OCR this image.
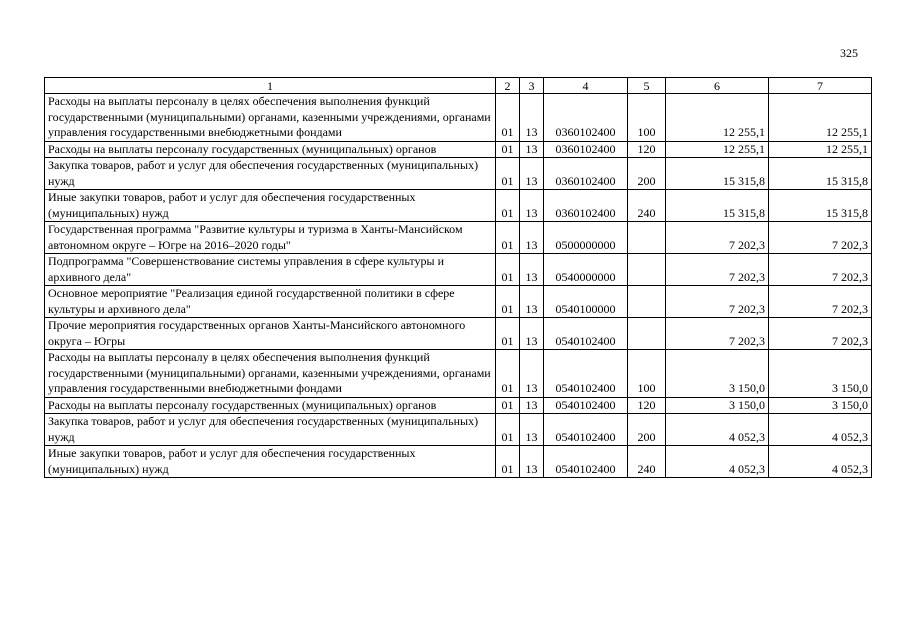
325
1	2	3	4	5	6	7
Расходы на выплаты персоналу в целях обеспечения выполнения функций государственными (муниципальными) органами, казенными учреждениями, органами управления государственными внебюджетными фондами	01	13	0360102400	100	12 255,1	12 255,1
Расходы на выплаты персоналу государственных (муниципальных) органов	01	13	0360102400	120	12 255,1	12 255,1
Закупка товаров, работ и услуг для обеспечения государственных (муниципальных) нужд	01	13	0360102400	200	15 315,8	15 315,8
Иные закупки товаров, работ и услуг для обеспечения государственных (муниципальных) нужд	01	13	0360102400	240	15 315,8	15 315,8
Государственная программа "Развитие культуры и туризма в Ханты-Мансийском автономном округе – Югре на 2016–2020 годы"	01	13	0500000000		7 202,3	7 202,3
Подпрограмма "Совершенствование системы управления в сфере культуры и архивного дела"	01	13	0540000000		7 202,3	7 202,3
Основное мероприятие "Реализация единой государственной политики в сфере культуры и архивного дела"	01	13	0540100000		7 202,3	7 202,3
Прочие мероприятия государственных органов Ханты-Мансийского автономного округа – Югры	01	13	0540102400		7 202,3	7 202,3
Расходы на выплаты персоналу в целях обеспечения выполнения функций государственными (муниципальными) органами, казенными учреждениями, органами управления государственными внебюджетными фондами	01	13	0540102400	100	3 150,0	3 150,0
Расходы на выплаты персоналу государственных (муниципальных) органов	01	13	0540102400	120	3 150,0	3 150,0
Закупка товаров, работ и услуг для обеспечения государственных (муниципальных) нужд	01	13	0540102400	200	4 052,3	4 052,3
Иные закупки товаров, работ и услуг для обеспечения государственных (муниципальных) нужд	01	13	0540102400	240	4 052,3	4 052,3
